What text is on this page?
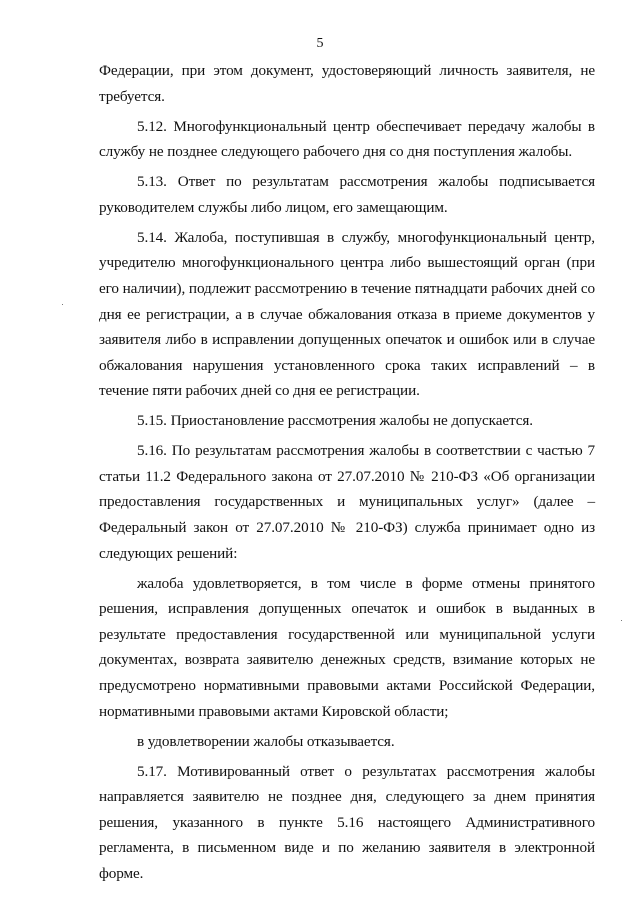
5

Федерации, при этом документ, удостоверяющий личность заявителя, не требуется.

5.12. Многофункциональный центр обеспечивает передачу жалобы в службу не позднее следующего рабочего дня со дня поступления жалобы.

5.13. Ответ по результатам рассмотрения жалобы подписывается руководителем службы либо лицом, его замещающим.

5.14. Жалоба, поступившая в службу, многофункциональный центр, учредителю многофункционального центра либо вышестоящий орган (при его наличии), подлежит рассмотрению в течение пятнадцати рабочих дней со дня ее регистрации, а в случае обжалования отказа в приеме документов у заявителя либо в исправлении допущенных опечаток и ошибок или в случае обжалования нарушения установленного срока таких исправлений – в течение пяти рабочих дней со дня ее регистрации.

5.15. Приостановление рассмотрения жалобы не допускается.

5.16. По результатам рассмотрения жалобы в соответствии с частью 7 статьи 11.2 Федерального закона от 27.07.2010 № 210-ФЗ «Об организации предоставления государственных и муниципальных услуг» (далее – Федеральный закон от 27.07.2010 № 210-ФЗ) служба принимает одно из следующих решений:

жалоба удовлетворяется, в том числе в форме отмены принятого решения, исправления допущенных опечаток и ошибок в выданных в результате предоставления государственной или муниципальной услуги документах, возврата заявителю денежных средств, взимание которых не предусмотрено нормативными правовыми актами Российской Федерации, нормативными правовыми актами Кировской области;

в удовлетворении жалобы отказывается.

5.17. Мотивированный ответ о результатах рассмотрения жалобы направляется заявителю не позднее дня, следующего за днем принятия решения, указанного в пункте 5.16 настоящего Административного регламента, в письменном виде и по желанию заявителя в электронной форме.
